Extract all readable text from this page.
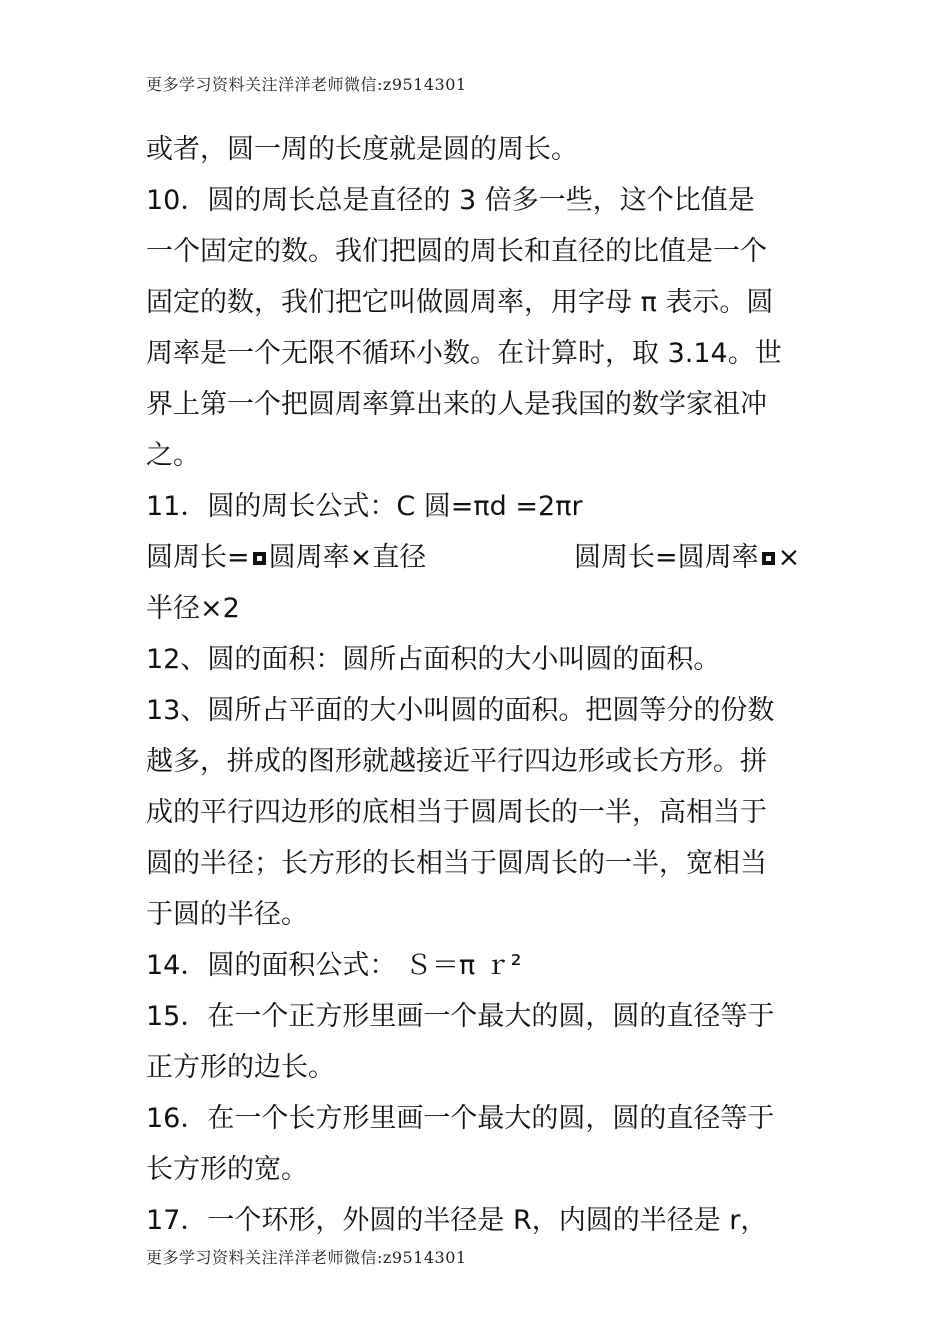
更多学习资料关注洋洋老师微信:z9514301
或者，圆一周的长度就是圆的周长。
10．圆的周长总是直径的 3 倍多一些，这个比值是
一个固定的数。我们把圆的周长和直径的比值是一个
固定的数，我们把它叫做圆周率，用字母 π 表示。圆
周率是一个无限不循环小数。在计算时，取 3.14。世
界上第一个把圆周率算出来的人是我国的数学家祖冲
之。
11．圆的周长公式：C 圆=πd =2πr
圆周长= 圆周率×直径	圆周长=圆周率 ×
半径×2
12、圆的面积：圆所占面积的大小叫圆的面积。
13、圆所占平面的大小叫圆的面积。把圆等分的份数
越多，拼成的图形就越接近平行四边形或长方形。拼
成的平行四边形的底相当于圆周长的一半，高相当于
圆的半径；长方形的长相当于圆周长的一半，宽相当
于圆的半径。
14．圆的面积公式： Ｓ＝π ｒ²
15．在一个正方形里画一个最大的圆，圆的直径等于
正方形的边长。
16．在一个长方形里画一个最大的圆，圆的直径等于
长方形的宽。
17．一个环形，外圆的半径是 R，内圆的半径是 r，
更多学习资料关注洋洋老师微信:z9514301
